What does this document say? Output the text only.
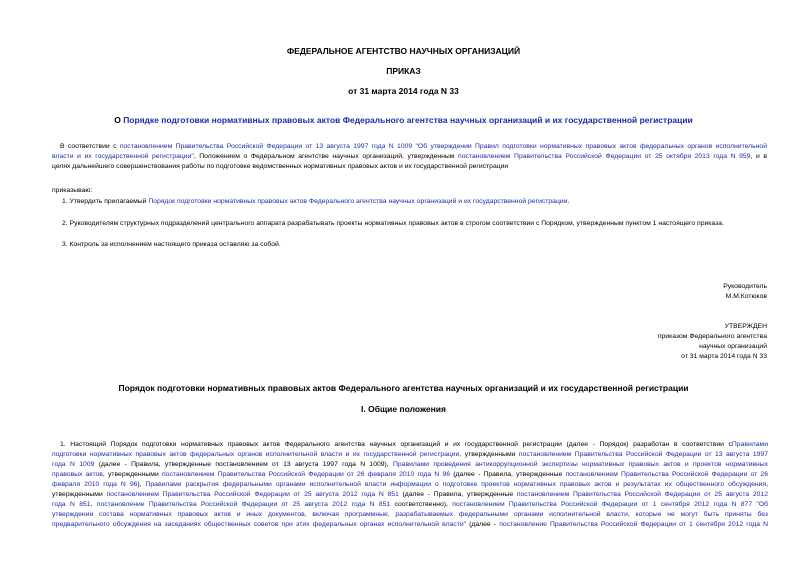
ФЕДЕРАЛЬНОЕ АГЕНТСТВО НАУЧНЫХ ОРГАНИЗАЦИЙ
ПРИКАЗ
от 31 марта 2014 года N 33
О Порядке подготовки нормативных правовых актов Федерального агентства научных организаций и их государственной регистрации
В соответствии с постановлением Правительства Российской Федерации от 13 августа 1997 года N 1009 "Об утверждении Правил подготовки нормативных правовых актов федеральных органов исполнительной
власти и их государственной регистрации", Положением о Федеральном агентстве научных организаций, утвержденным постановлением Правительства Российской Федерации от 25 октября 2013 года N 959, и в
целях дальнейшего совершенствования работы по подготовке ведомственных нормативных правовых актов и их государственной регистрации
приказываю:
1. Утвердить прилагаемый Порядок подготовки нормативных правовых актов Федерального агентства научных организаций и их государственной регистрации.
2. Руководителям структурных подразделений центрального аппарата разрабатывать проекты нормативных правовых актов в строгом соответствии с Порядком, утвержденным пунктом 1 настоящего приказа.
3. Контроль за исполнением настоящего приказа оставляю за собой.
Руководитель
М.М.Котюков
УТВЕРЖДЕН
приказом Федерального агентства
научных организаций
от 31 марта 2014 года N 33
Порядок подготовки нормативных правовых актов Федерального агентства научных организаций и их государственной регистрации
I. Общие положения
1. Настоящий Порядок подготовки нормативных правовых актов Федерального агентства научных организаций и их государственной регистрации (далее - Порядок) разработан в соответствии сПравилами
подготовки нормативных правовых актов федеральных органов исполнительной власти и их государственной регистрации, утвержденными постановлением Правительства Российской Федерации от 13 августа 1997
года N 1009 (далее - Правила, утвержденные постановлением от 13 августа 1997 года N 1009), Правилами проведения антикоррупционной экспертизы нормативных правовых актов и проектов нормативных
правовых актов, утвержденными постановлением Правительства Российской Федерации от 26 февраля 2010 года N 96 (далее - Правила, утвержденные постановлением Правительства Российской Федерации от 26
февраля 2010 года N 96), Правилами раскрытия федеральными органами исполнительной власти информации о подготовке проектов нормативных правовых актов и результатах их общественного обсуждения,
утвержденными постановлением Правительства Российской Федерации от 25 августа 2012 года N 851 (далее - Правила, утвержденные постановлением Правительства Российской Федерации от 25 августа 2012
года N 851, постановление Правительства Российской Федерации от 25 августа 2012 года N 851 соответственно), постановлением Правительства Российской Федерации от 1 сентября 2012 года N 877 "Об
утверждении состава нормативных правовых актов и иных документов, включая программные, разрабатываемых федеральными органами исполнительной власти, которые не могут быть приняты без
предварительного обсуждения на заседаниях общественных советов при этих федеральных органах исполнительной власти" (далее - постановление Правительства Российской Федерации от 1 сентября 2012 года N
